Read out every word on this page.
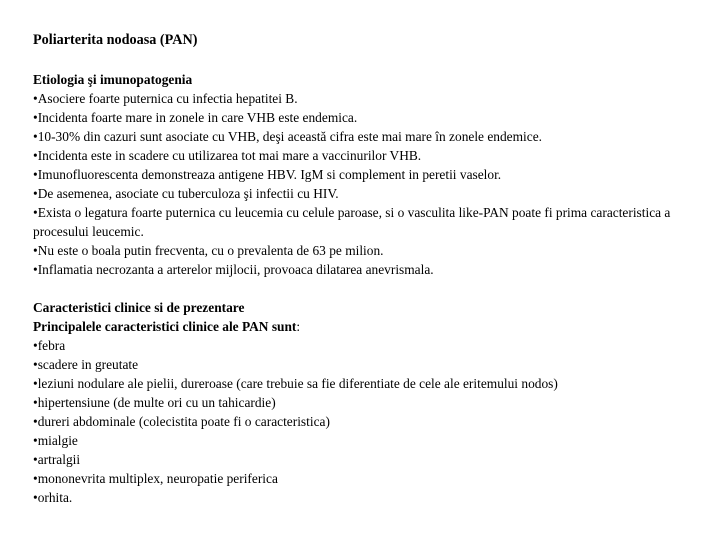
Poliarterita nodoasa (PAN)
Etiologia şi imunopatogenia
• Asociere foarte puternica cu infectia hepatitei B.
• Incidenta foarte mare in zonele in care VHB este endemica.
• 10-30% din cazuri sunt asociate cu VHB, deşi această cifra este mai mare în zonele endemice.
• Incidenta este in scadere cu utilizarea tot mai mare a vaccinurilor VHB.
• Imunofluorescenta demonstreaza antigene HBV. IgM si complement in peretii vaselor.
• De asemenea, asociate cu tuberculoza şi infectii cu HIV.
• Exista o legatura foarte puternica cu leucemia cu celule paroase, si o vasculita like-PAN poate fi prima caracteristica a procesului leucemic.
• Nu este o boala putin frecventa, cu o prevalenta de 63 pe milion.
• Inflamatia necrozanta a arterelor mijlocii, provoaca dilatarea anevrismala.
Caracteristici clinice si de prezentare
Principalele caracteristici clinice ale PAN sunt:
• febra
• scadere in greutate
• leziuni nodulare ale pielii, dureroase (care trebuie sa fie diferentiate de cele ale eritemului nodos)
• hipertensiune (de multe ori cu un tahicardie)
• dureri abdominale (colecistita poate fi o caracteristica)
• mialgie
• artralgii
• mononevrita multiplex, neuropatie periferica
• orhita.
